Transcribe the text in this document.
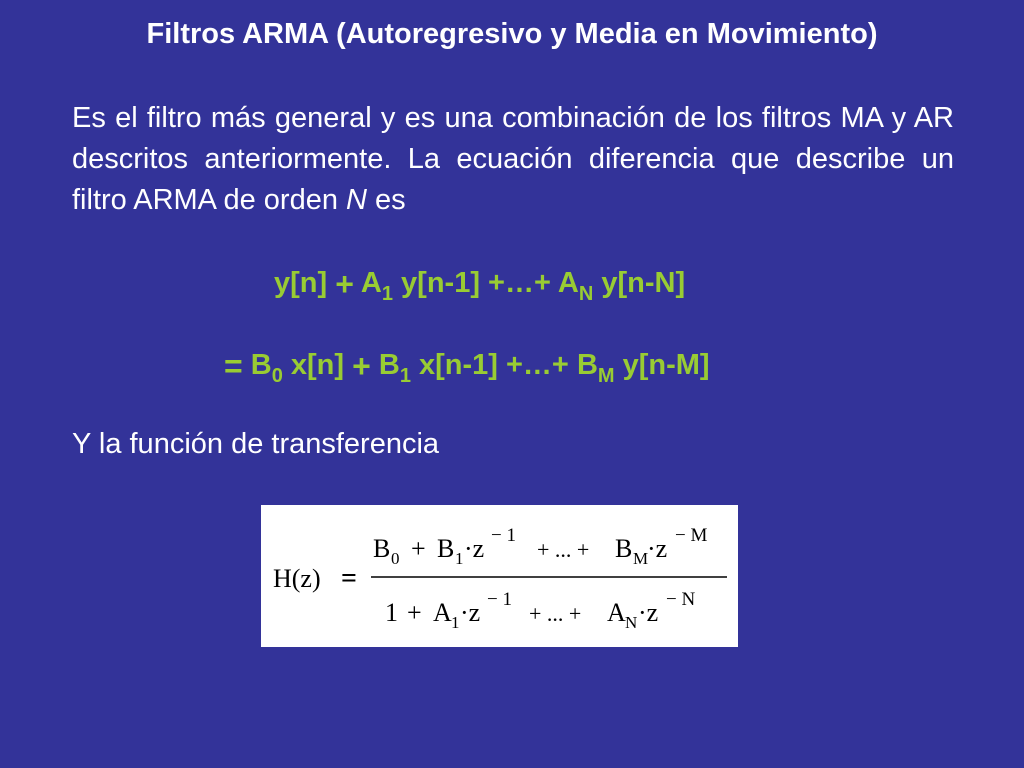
Filtros ARMA (Autoregresivo y Media en Movimiento)
Es el filtro más general y es una combinación de los filtros MA y AR descritos anteriormente. La ecuación diferencia que describe un filtro ARMA de orden N es
$y[n] + A_1$ y[n-1] +…+ $A_N$ y[n-N]
= $B_0$ $x[n] + B_1$ x[n-1] +…+ $B_M$ y[n-M]
Y la función de transferencia
H(z) =
B 0 + B 1 ·z − 1
+ ... + B M
·z − M
1 + A 1 ·z − 1
+ ... + A N ·z − N
